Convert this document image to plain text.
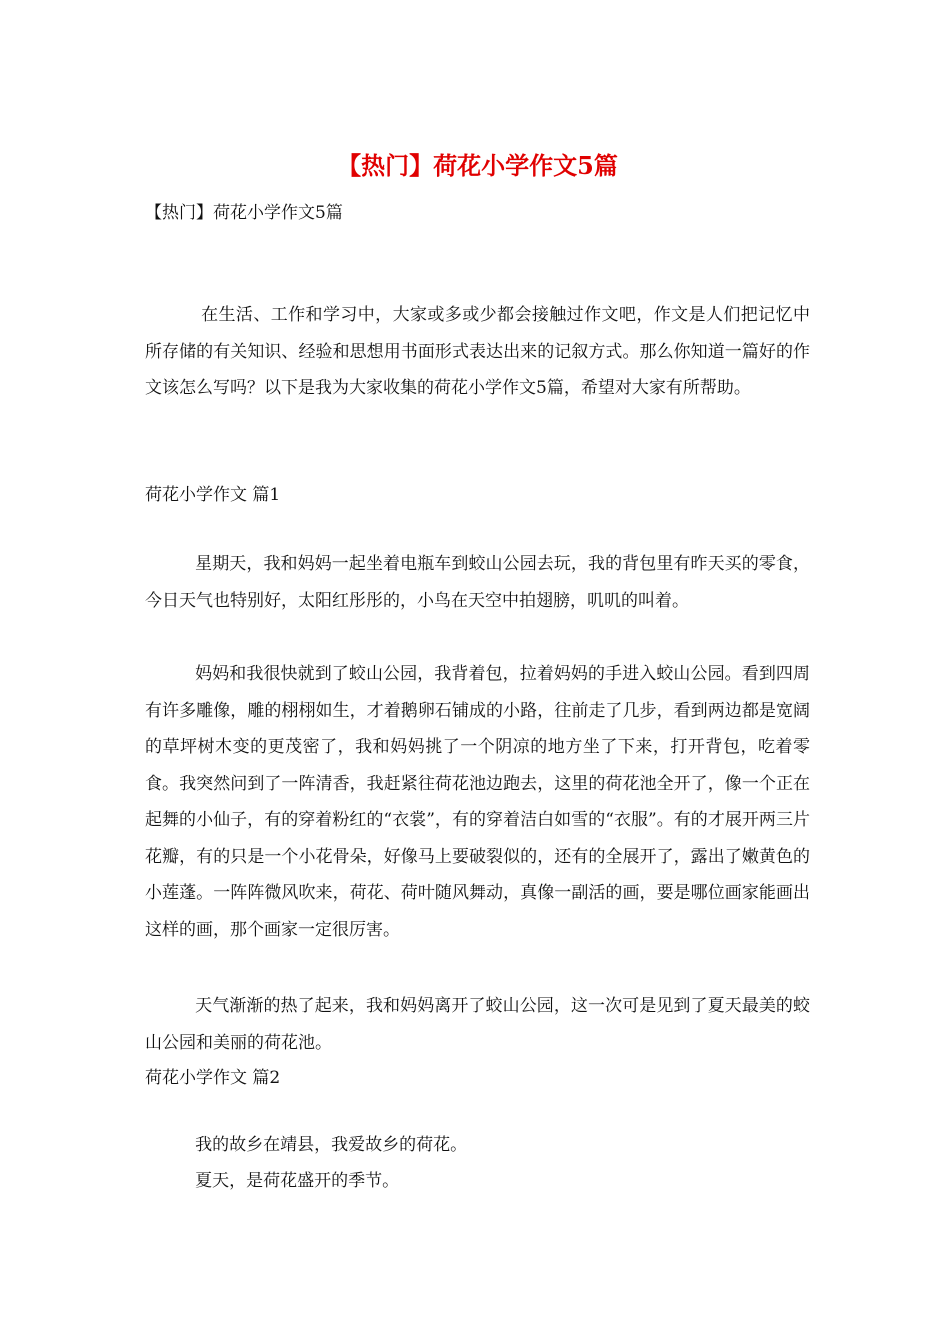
【热门】荷花小学作文5篇
【热门】荷花小学作文5篇

在生活、工作和学习中，大家或多或少都会接触过作文吧，作文是人们把记忆中所存储的有关知识、经验和思想用书面形式表达出来的记叙方式。那么你知道一篇好的作文该怎么写吗？以下是我为大家收集的荷花小学作文5篇，希望对大家有所帮助。

荷花小学作文 篇1

星期天，我和妈妈一起坐着电瓶车到蛟山公园去玩，我的背包里有昨天买的零食，今日天气也特别好，太阳红彤彤的，小鸟在天空中拍翅膀，叽叽的叫着。

妈妈和我很快就到了蛟山公园，我背着包，拉着妈妈的手进入蛟山公园。看到四周有许多雕像，雕的栩栩如生，才着鹅卵石铺成的小路，往前走了几步，看到两边都是宽阔的草坪树木变的更茂密了，我和妈妈挑了一个阴凉的地方坐了下来，打开背包，吃着零食。我突然问到了一阵清香，我赶紧往荷花池边跑去，这里的荷花池全开了，像一个正在起舞的小仙子，有的穿着粉红的“衣裳”，有的穿着洁白如雪的“衣服”。有的才展开两三片花瓣，有的只是一个小花骨朵，好像马上要破裂似的，还有的全展开了，露出了嫩黄色的小莲蓬。一阵阵微风吹来，荷花、荷叶随风舞动，真像一副活的画，要是哪位画家能画出这样的画，那个画家一定很厉害。

天气渐渐的热了起来，我和妈妈离开了蛟山公园，这一次可是见到了夏天最美的蛟山公园和美丽的荷花池。

荷花小学作文 篇2

我的故乡在靖县，我爱故乡的荷花。

夏天，是荷花盛开的季节。
